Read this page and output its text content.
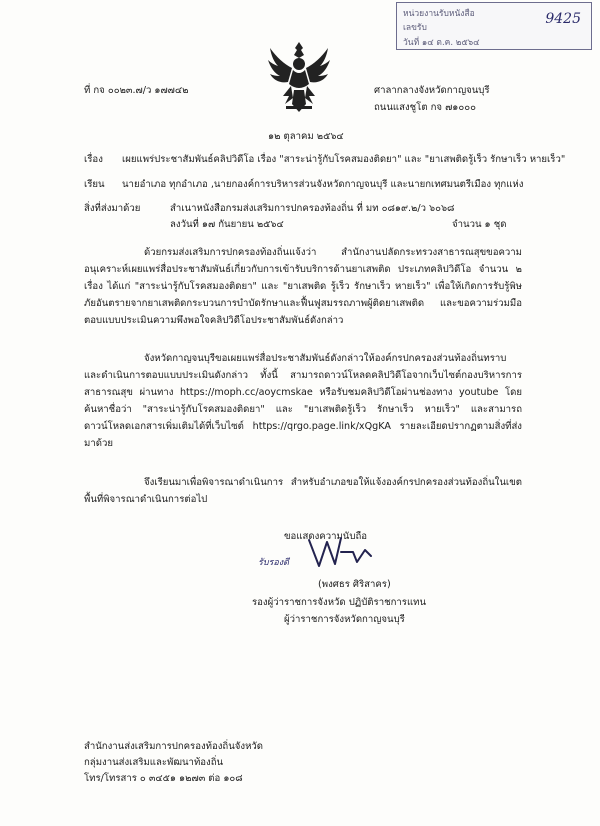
หน่วยงานรับหนังสือ
เลขรับ
วันที่ ๑๔ ต.ค. ๒๕๖๔
9425
ที่ กจ ๐๐๒๓.๗/ว ๑๗๗๔๒	ศาลากลางจังหวัดกาญจนบุรี
ถนนแสงชูโต กจ ๗๑๐๐๐
๑๒ ตุลาคม ๒๕๖๔
เรื่อง เผยแพร่ประชาสัมพันธ์คลิปวิดีโอ เรื่อง "สาระน่ารู้กับโรคสมองติดยา" และ "ยาเสพติดรู้เร็ว รักษาเร็ว หายเร็ว"
เรียน นายอำเภอ ทุกอำเภอ ,นายกองค์การบริหารส่วนจังหวัดกาญจนบุรี และนายกเทศมนตรีเมือง ทุกแห่ง
สิ่งที่ส่งมาด้วย	สำเนาหนังสือกรมส่งเสริมการปกครองท้องถิ่น ที่ มท ๐๘๑๙.๒/ว ๖๐๖๘
ลงวันที่ ๑๗ กันยายน ๒๕๖๔	จำนวน ๑ ชุด
ด้วยกรมส่งเสริมการปกครองท้องถิ่นแจ้งว่า สำนักงานปลัดกระทรวงสาธารณสุขขอความอนุเคราะห์เผยแพร่สื่อประชาสัมพันธ์เกี่ยวกับการเข้ารับบริการด้านยาเสพติด ประเภทคลิปวิดีโอ จำนวน ๒ เรื่อง ได้แก่ "สาระน่ารู้กับโรคสมองติดยา" และ "ยาเสพติด รู้เร็ว รักษาเร็ว หายเร็ว" เพื่อให้เกิดการรับรู้พิษภัยอันตรายจากยาเสพติดกระบวนการบำบัดรักษาและฟื้นฟูสมรรถภาพผู้ติดยาเสพติด และขอความร่วมมือตอบแบบประเมินความพึงพอใจคลิปวิดีโอประชาสัมพันธ์ดังกล่าว
จังหวัดกาญจนบุรีขอเผยแพร่สื่อประชาสัมพันธ์ดังกล่าวให้องค์กรปกครองส่วนท้องถิ่นทราบและดำเนินการตอบแบบประเมินดังกล่าว ทั้งนี้ สามารถดาวน์โหลดคลิปวิดีโอจากเว็บไซต์กองบริหารการสาธารณสุข ผ่านทาง https://moph.cc/aoycmskae หรือรับชมคลิปวิดีโอผ่านช่องทาง youtube โดยค้นหาชื่อว่า "สาระน่ารู้กับโรคสมองติดยา" และ "ยาเสพติดรู้เร็ว รักษาเร็ว หายเร็ว" และสามารถดาวน์โหลดเอกสารเพิ่มเติมได้ที่เว็บไซต์ https://qrgo.page.link/xQgKA รายละเอียดปรากฏตามสิ่งที่ส่งมาด้วย
จึงเรียนมาเพื่อพิจารณาดำเนินการ สำหรับอำเภอขอให้แจ้งองค์กรปกครองส่วนท้องถิ่นในเขตพื้นที่พิจารณาดำเนินการต่อไป
ขอแสดงความนับถือ
รับรองดี
(พงศธร ศิริสาคร)
รองผู้ว่าราชการจังหวัด ปฏิบัติราชการแทน
ผู้ว่าราชการจังหวัดกาญจนบุรี
สำนักงานส่งเสริมการปกครองท้องถิ่นจังหวัด
กลุ่มงานส่งเสริมและพัฒนาท้องถิ่น
โทร/โทรสาร ๐ ๓๔๕๑ ๑๒๗๓ ต่อ ๑๐๘
